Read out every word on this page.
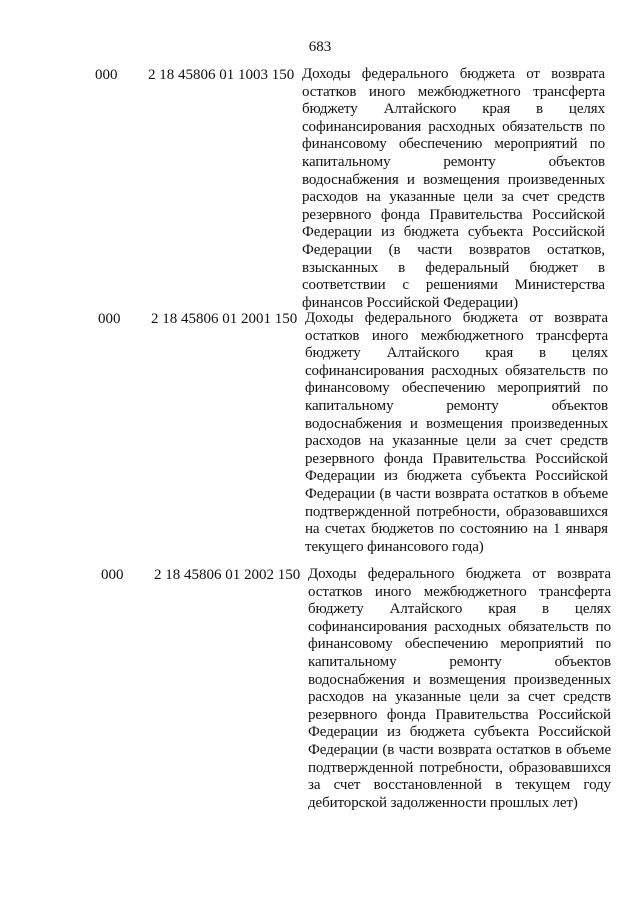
683
000 2 18 45806 01 1003 150 Доходы федерального бюджета от возврата остатков иного межбюджетного трансферта бюджету Алтайского края в целях софинансирования расходных обязательств по финансовому обеспечению мероприятий по капитальному ремонту объектов водоснабжения и возмещения произведенных расходов на указанные цели за счет средств резервного фонда Правительства Российской Федерации из бюджета субъекта Российской Федерации (в части возвратов остатков, взысканных в федеральный бюджет в соответствии с решениями Министерства финансов Российской Федерации)
000 2 18 45806 01 2001 150 Доходы федерального бюджета от возврата остатков иного межбюджетного трансферта бюджету Алтайского края в целях софинансирования расходных обязательств по финансовому обеспечению мероприятий по капитальному ремонту объектов водоснабжения и возмещения произведенных расходов на указанные цели за счет средств резервного фонда Правительства Российской Федерации из бюджета субъекта Российской Федерации (в части возврата остатков в объеме подтвержденной потребности, образовавшихся на счетах бюджетов по состоянию на 1 января текущего финансового года)
000 2 18 45806 01 2002 150 Доходы федерального бюджета от возврата остатков иного межбюджетного трансферта бюджету Алтайского края в целях софинансирования расходных обязательств по финансовому обеспечению мероприятий по капитальному ремонту объектов водоснабжения и возмещения произведенных расходов на указанные цели за счет средств резервного фонда Правительства Российской Федерации из бюджета субъекта Российской Федерации (в части возврата остатков в объеме подтвержденной потребности, образовавшихся за счет восстановленной в текущем году дебиторской задолженности прошлых лет)
